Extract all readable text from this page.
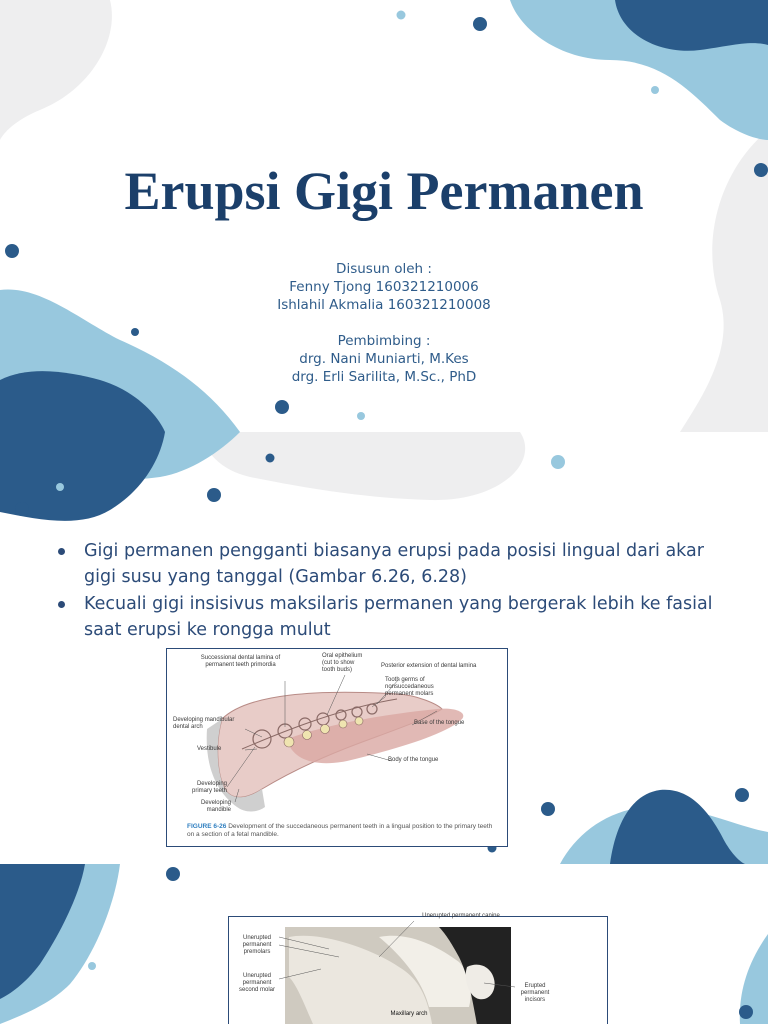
Erupsi Gigi Permanen
Disusun oleh :
Fenny Tjong 160321210006
Ishlahil Akmalia 160321210008
Pembimbing :
drg. Nani Muniarti, M.Kes
drg. Erli Sarilita, M.Sc., PhD
Gigi permanen pengganti biasanya erupsi pada posisi lingual dari akar gigi susu yang tanggal (Gambar 6.26, 6.28)
Kecuali gigi insisivus maksilaris permanen yang bergerak lebih ke fasial saat erupsi ke rongga mulut
Successional dental lamina of permanent teeth primordia
Oral epithelium (cut to show tooth buds)
Posterior extension of dental lamina
Tooth germs of nonsuccedaneous permanent molars
Developing mandibular dental arch
Base of the tongue
Vestibule
Body of the tongue
Developing primary teeth
Developing mandible
FIGURE 6-26 Development of the succedaneous permanent teeth in a lingual position to the primary teeth on a section of a fetal mandible.
Unerupted permanent canine
Unerupted permanent premolars
Unerupted permanent second molar
Erupted permanent incisors
Maxillary arch
